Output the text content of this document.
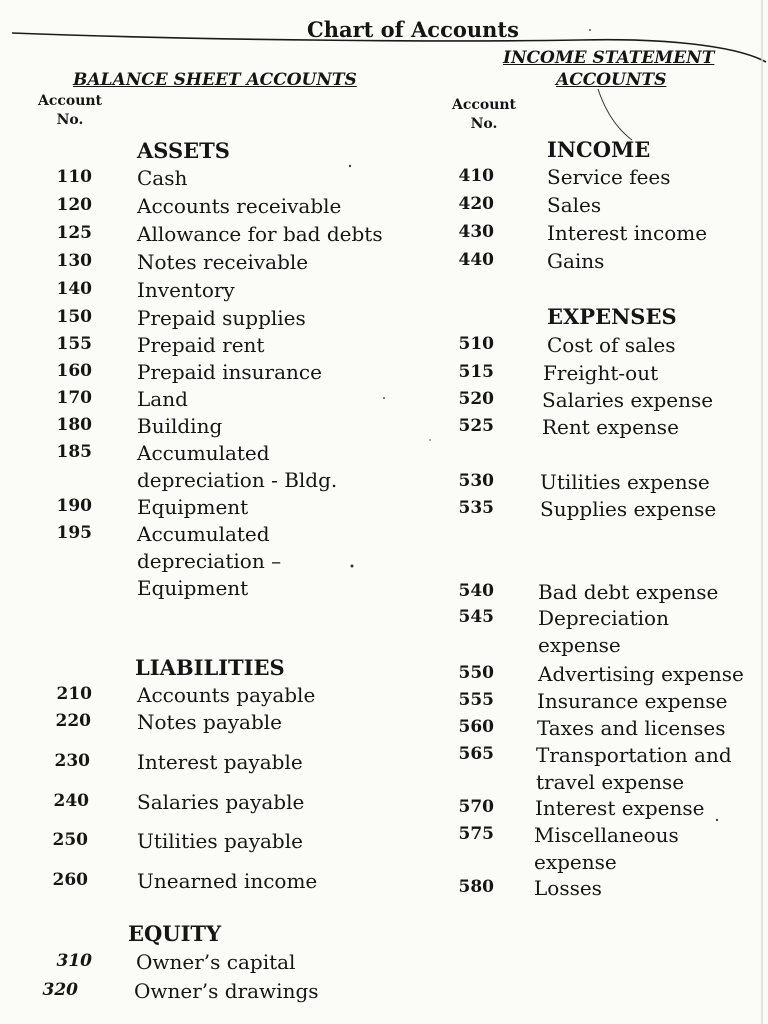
Chart of Accounts
BALANCE SHEET ACCOUNTS
Account
No.
INCOME STATEMENT
ACCOUNTS
Account
No.
ASSETS
110 Cash
120 Accounts receivable
125 Allowance for bad debts
130 Notes receivable
140 Inventory
150 Prepaid supplies
155 Prepaid rent
160 Prepaid insurance
170 Land
180 Building
185 Accumulated
depreciation - Bldg.
190 Equipment
195 Accumulated
depreciation –
Equipment
LIABILITIES
210 Accounts payable
220 Notes payable
230 Interest payable
240 Salaries payable
250 Utilities payable
260 Unearned income
EQUITY
310 Owner’s capital
320	Owner’s drawings
INCOME
410	Service fees
420	Sales
430	Interest income
440	Gains
EXPENSES
510	Cost of sales
515 Freight-out
520 Salaries expense
525 Rent expense
530 Utilities expense
535 Supplies expense
540 Bad debt expense
545 Depreciation
expense
550 Advertising expense
555 Insurance expense
560 Taxes and licenses
565 Transportation and
travel expense
570 Interest expense
575 Miscellaneous
expense
580 Losses
